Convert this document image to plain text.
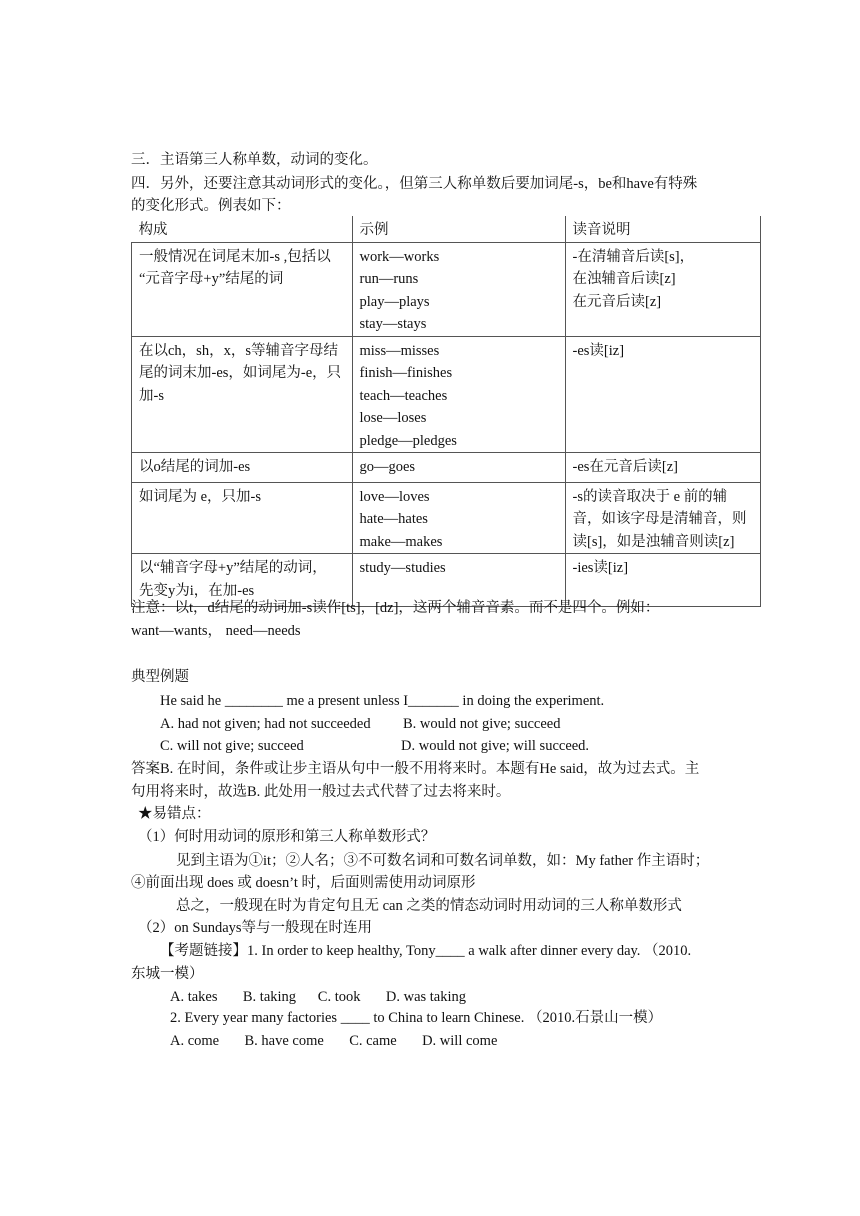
三．主语第三人称单数，动词的变化。
四．另外，还要注意其动词形式的变化。，但第三人称单数后要加词尾-s，be和have有特殊
的变化形式。例表如下：
构成	示例	读音说明

一般情况在词尾末加-s ,包括以
“元音字母+y”结尾的词	work—works
run—runs
play—plays
stay—stays	-在清辅音后读[s]，
在浊辅音后读[z]
在元音后读[z]

在以ch，sh，x，s等辅音字母结
尾的词末加-es，如词尾为-e，只
加-s	miss—misses
finish—finishes
teach—teaches
lose—loses
pledge—pledges	-es读[iz]

以o结尾的词加-es	go—goes	-es在元音后读[z]

如词尾为 e，只加-s	love—loves
hate—hates
make—makes	-s的读音取决于 e 前的辅
音，如该字母是清辅音，则
读[s]，如是浊辅音则读[z]

以“辅音字母+y”结尾的动词，
先变y为i，在加-es	study—studies	-ies读[iz]
注意：以t，d结尾的动词加-s读作[ts]，[dz]，这两个辅音音素。而不是四个。例如：
want—wants， need—needs
典型例题
He said he ________ me a present unless I_______ in doing the experiment.
A. had not given; had not succeeded B. would not give; succeed
C. will not give; succeed	D. would not give; will succeed.
答案B. 在时间，条件或让步主语从句中一般不用将来时。本题有He said，故为过去式。主
句用将来时，故选B. 此处用一般过去式代替了过去将来时。
★易错点：
（1）何时用动词的原形和第三人称单数形式？
见到主语为①it；②人名；③不可数名词和可数名词单数，如：My father 作主语时；
④前面出现 does 或 doesn’t 时，后面则需使用动词原形
总之，一般现在时为肯定句且无 can 之类的情态动词时用动词的三人称单数形式
（2）on Sundays等与一般现在时连用
【考题链接】1. In order to keep healthy, Tony____ a walk after dinner every day. （2010.
东城一模）
A. takes       B. taking      C. took       D. was taking
2. Every year many factories ____ to China to learn Chinese. （2010.石景山一模）
A. come       B. have come       C. came       D. will come
